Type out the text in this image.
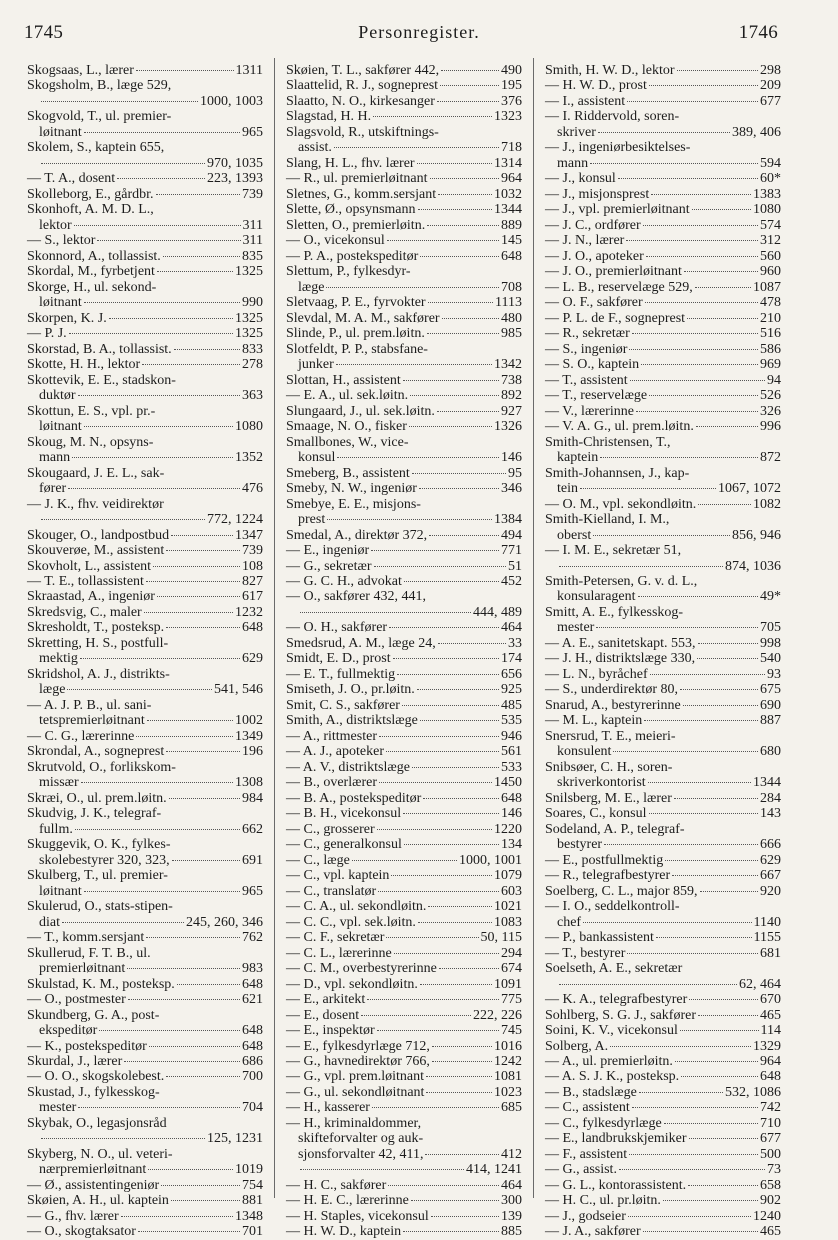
1745	Personregister.	1746
Skogsaas, L., lærer	1311
Skogsholm, B., læge 529,
1000, 1003
Skogvold, T., ul. premier-
løitnant	965
Skolem, S., kaptein 655,
970, 1035
— T. A., dosent	223, 1393
Skolleborg, E., gårdbr.	739
Skonhoft, A. M. D. L.,
lektor	311
— S., lektor	311
Skonnord, A., tollassist.	835
Skordal, M., fyrbetjent	1325
Skorge, H., ul. sekond-
løitnant	990
Skorpen, K. J.	1325
— P. J.	1325
Skorstad, B. A., tollassist.	833
Skotte, H. H., lektor	278
Skottevik, E. E., stadskon-
duktør	363
Skottun, E. S., vpl. pr.-
løitnant	1080
Skoug, M. N., opsyns-
mann	1352
Skougaard, J. E. L., sak-
fører	476
— J. K., fhv. veidirektør
772, 1224
Skouger, O., landpostbud	1347
Skouverøe, M., assistent	739
Skovholt, L., assistent	108
— T. E., tollassistent	827
Skraastad, A., ingeniør	617
Skredsvig, C., maler	1232
Skresholdt, T., posteksp.	648
Skretting, H. S., postfull-
mektig	629
Skridshol, A. J., distrikts-
læge	541, 546
— A. J. P. B., ul. sani-
tetspremierløitnant	1002
— C. G., lærerinne	1349
Skrondal, A., sogneprest	196
Skrutvold, O., forlikskom-
missær	1308
Skræi, O., ul. prem.løitn.	984
Skudvig, J. K., telegraf-
fullm.	662
Skuggevik, O. K., fylkes-
skolebestyrer 320, 323,	691
Skulberg, T., ul. premier-
løitnant	965
Skulerud, O., stats-stipen-
diat	245, 260, 346
— T., komm.sersjant	762
Skullerud, F. T. B., ul.
premierløitnant	983
Skulstad, K. M., posteksp.	648
— O., postmester	621
Skundberg, G. A., post-
ekspeditør	648
— K., postekspeditør	648
Skurdal, J., lærer	686
— O. O., skogskolebest.	700
Skustad, J., fylkesskog-
mester	704
Skybak, O., legasjonsråd
125, 1231
Skyberg, N. O., ul. veteri-
nærpremierløitnant	1019
— Ø., assistentingeniør	754
Skøien, A. H., ul. kaptein	881
— G., fhv. lærer	1348
— O., skogtaksator	701
Skøien, T. L., sakfører 442,	490
Slaattelid, R. J., sogneprest	195
Slaatto, N. O., kirkesanger	376
Slagstad, H. H.	1323
Slagsvold, R., utskiftnings-
assist.	718
Slang, H. L., fhv. lærer	1314
— R., ul. premierløitnant	964
Sletnes, G., komm.sersjant	1032
Slette, Ø., opsynsmann	1344
Sletten, O., premierløitn.	889
— O., vicekonsul	145
— P. A., postekspeditør	648
Slettum, P., fylkesdyr-
læge	708
Sletvaag, P. E., fyrvokter	1113
Slevdal, M. A. M., sakfører	480
Slinde, P., ul. prem.løitn.	985
Slotfeldt, P. P., stabsfane-
junker	1342
Slottan, H., assistent	738
— E. A., ul. sek.løitn.	892
Slungaard, J., ul. sek.løitn.	927
Smaage, N. O., fisker	1326
Smallbones, W., vice-
konsul	146
Smeberg, B., assistent	95
Smeby, N. W., ingeniør	346
Smebye, E. E., misjons-
prest	1384
Smedal, A., direktør 372,	494
— E., ingeniør	771
— G., sekretær	51
— G. C. H., advokat	452
— O., sakfører 432, 441,
444, 489
— O. H., sakfører	464
Smedsrud, A. M., læge 24,	33
Smidt, E. D., prost	174
— E. T., fullmektig	656
Smiseth, J. O., pr.løitn.	925
Smit, C. S., sakfører	485
Smith, A., distriktslæge	535
— A., rittmester	946
— A. J., apoteker	561
— A. V., distriktslæge	533
— B., overlærer	1450
— B. A., postekspeditør	648
— B. H., vicekonsul	146
— C., grosserer	1220
— C., generalkonsul	134
— C., læge	1000, 1001
— C., vpl. kaptein	1079
— C., translatør	603
— C. A., ul. sekondløitn.	1021
— C. C., vpl. sek.løitn.	1083
— C. F., sekretær	50, 115
— C. L., lærerinne	294
— C. M., overbestyrerinne	674
— D., vpl. sekondløitn.	1091
— E., arkitekt	775
— E., dosent	222, 226
— E., inspektør	745
— E., fylkesdyrlæge 712,	1016
— G., havnedirektør 766,	1242
— G., vpl. prem.løitnant	1081
— G., ul. sekondløitnant	1023
— H., kasserer	685
— H., kriminaldommer,
skifteforvalter og auk-
sjonsforvalter 42, 411,	412
414, 1241
— H. C., sakfører	464
— H. E. C., lærerinne	300
— H. Staples, vicekonsul	139
— H. W. D., kaptein	885
Smith, H. W. D., lektor	298
— H. W. D., prost	209
— I., assistent	677
— I. Riddervold, soren-
skriver	389, 406
— J., ingeniørbesiktelses-
mann	594
— J., konsul	60*
— J., misjonsprest	1383
— J., vpl. premierløitnant	1080
— J. C., ordfører	574
— J. N., lærer	312
— J. O., apoteker	560
— J. O., premierløitnant	960
— L. B., reservelæge 529,	1087
— O. F., sakfører	478
— P. L. de F., sogneprest	210
— R., sekretær	516
— S., ingeniør	586
— S. O., kaptein	969
— T., assistent	94
— T., reservelæge	526
— V., lærerinne	326
— V. A. G., ul. prem.løitn.	996
Smith-Christensen, T.,
kaptein	872
Smith-Johannsen, J., kap-
tein	1067, 1072
— O. M., vpl. sekondløitn.	1082
Smith-Kielland, I. M.,
oberst	856, 946
— I. M. E., sekretær 51,
874, 1036
Smith-Petersen, G. v. d. L.,
konsularagent	49*
Smitt, A. E., fylkesskog-
mester	705
— A. E., sanitetskapt. 553,	998
— J. H., distriktslæge 330,	540
— L. N., byråchef	93
— S., underdirektør 80,	675
Snarud, A., bestyrerinne	690
— M. L., kaptein	887
Snersrud, T. E., meieri-
konsulent	680
Snibsøer, C. H., soren-
skriverkontorist	1344
Snilsberg, M. E., lærer	284
Soares, C., konsul	143
Sodeland, A. P., telegraf-
bestyrer	666
— E., postfullmektig	629
— R., telegrafbestyrer	667
Soelberg, C. L., major 859,	920
— I. O., seddelkontroll-
chef	1140
— P., bankassistent	1155
— T., bestyrer	681
Soelseth, A. E., sekretær
62, 464
— K. A., telegrafbestyrer	670
Sohlberg, S. G. J., sakfører	465
Soini, K. V., vicekonsul	114
Solberg, A.	1329
— A., ul. premierløitn.	964
— A. S. J. K., posteksp.	648
— B., stadslæge	532, 1086
— C., assistent	742
— C., fylkesdyrlæge	710
— E., landbrukskjemiker	677
— F., assistent	500
— G., assist.	73
— G. L., kontorassistent.	658
— H. C., ul. pr.løitn.	902
— J., godseier	1240
— J. A., sakfører	465
